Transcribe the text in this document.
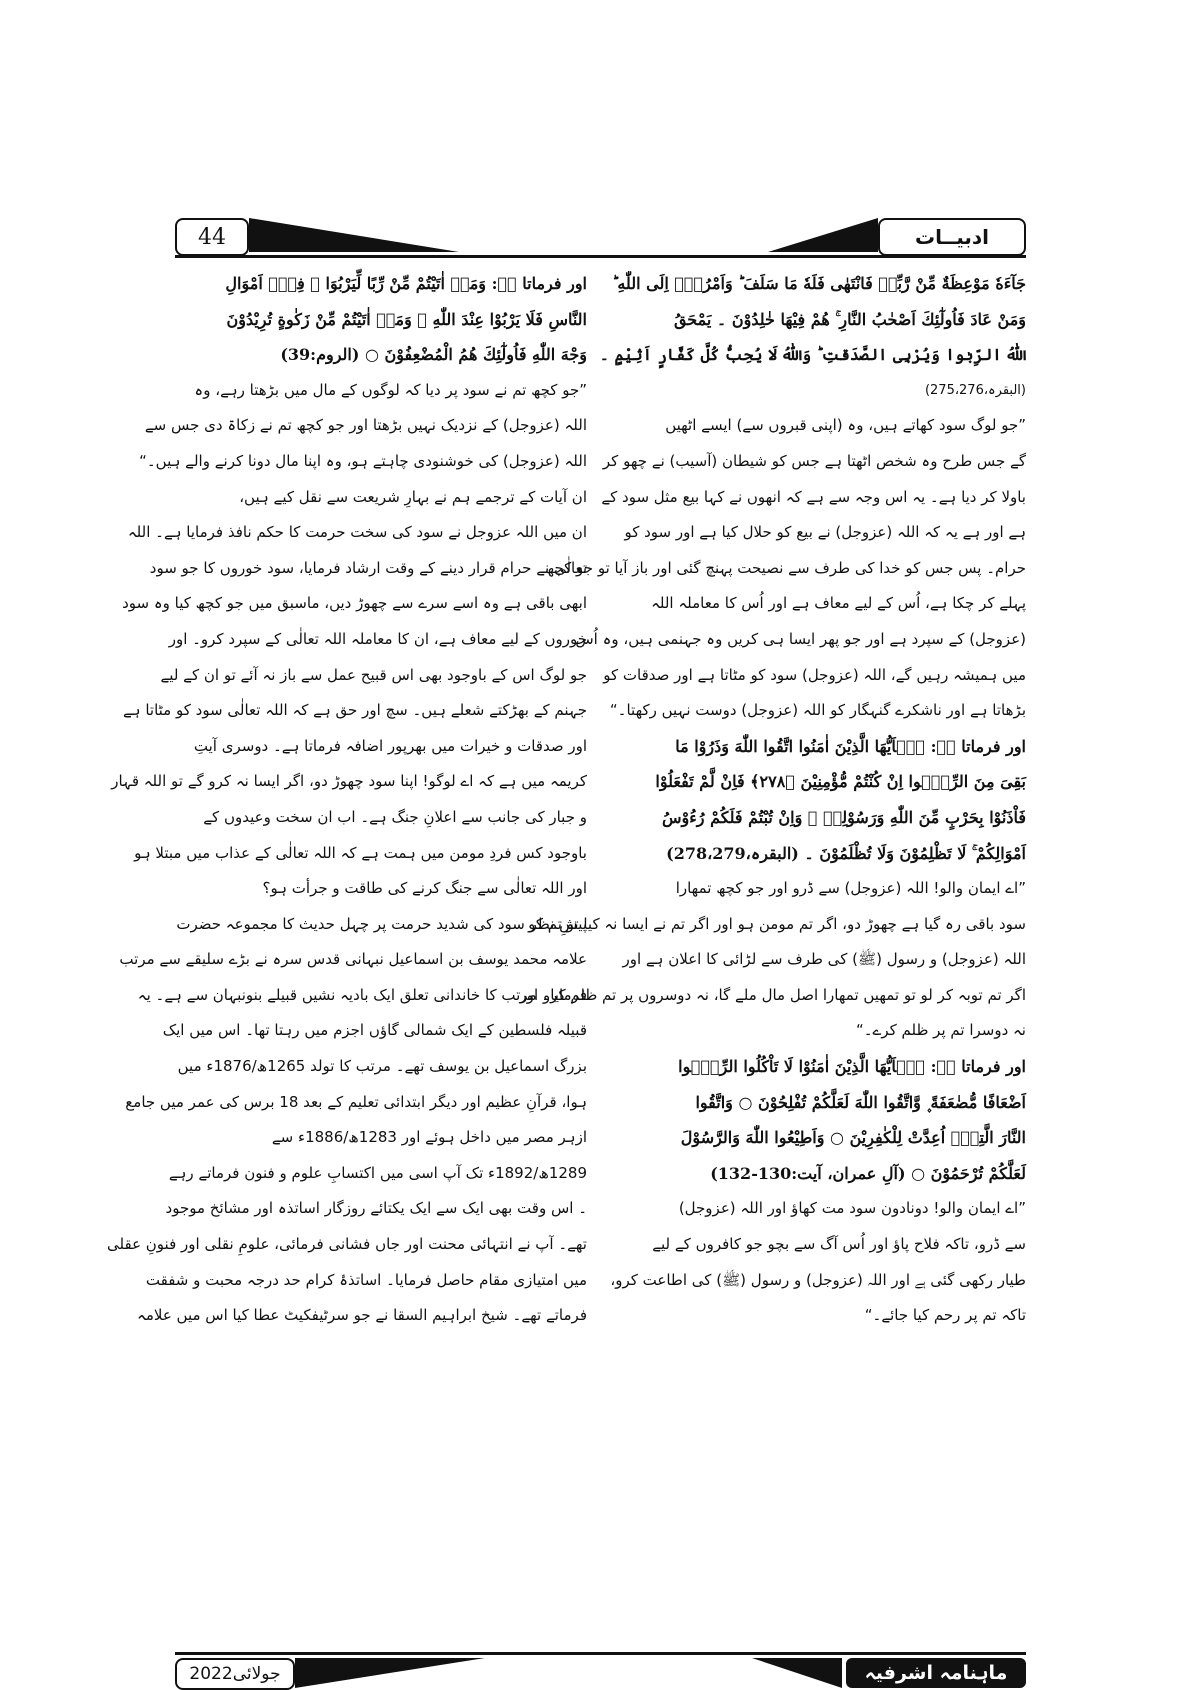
44	ادبیــات
جَآءَهٗ مَوْعِظَةٌ مِّنْ رَّبِّهٖ فَانْتَهٰى فَلَهٗ مَا سَلَفَ ؕ وَاَمْرُهٗۤ اِلَى اللّٰهِ ؕ
وَمَنْ عَادَ فَاُولٰٓئِكَ اَصْحٰبُ النَّارِ ۚ هُمْ فِيْهَا خٰلِدُوْنَ ۔ يَمْحَقُ
اللّٰهُ الرِّبٰوا وَيُرْبِى الصَّدَقٰتِ ؕ وَاللّٰهُ لَا يُحِبُّ كُلَّ كَفَّارٍ اَثِيْمٍ ۔
(البقرہ،275،276)
”جو لوگ سود کھاتے ہیں، وہ (اپنی قبروں سے) ایسے اٹھیں
گے جس طرح وہ شخص اٹھتا ہے جس کو شیطان (آسیب) نے چھو کر
باولا کر دیا ہے۔ یہ اس وجہ سے ہے کہ انھوں نے کہا بیع مثل سود کے
ہے اور ہے یہ کہ اللہ (عزوجل) نے بیع کو حلال کیا ہے اور سود کو
حرام۔ پس جس کو خدا کی طرف سے نصیحت پہنچ گئی اور باز آیا تو جو کچھ
پہلے کر چکا ہے، اُس کے لیے معاف ہے اور اُس کا معاملہ اللہ
(عزوجل) کے سپرد ہے اور جو پھر ایسا ہی کریں وہ جہنمی ہیں، وہ اُس
میں ہمیشہ رہیں گے، اللہ (عزوجل) سود کو مٹاتا ہے اور صدقات کو
بڑھاتا ہے اور ناشکرے گنہگار کو اللہ (عزوجل) دوست نہیں رکھتا۔“
اور فرماتا ہے: يٰۤاَيُّهَا الَّذِيْنَ اٰمَنُوا اتَّقُوا اللّٰهَ وَذَرُوْا مَا
بَقِىَ مِنَ الرِّبٰۤوا اِنْ كُنْتُمْ مُّؤْمِنِيْنَ ﴿۲۷۸﴾ فَاِنْ لَّمْ تَفْعَلُوْا
فَاْذَنُوْا بِحَرْبٍ مِّنَ اللّٰهِ وَرَسُوْلِهٖ ۚ وَاِنْ تُبْتُمْ فَلَكُمْ رُءُوْسُ
اَمْوَالِكُمْ ۚ لَا تَظْلِمُوْنَ وَلَا تُظْلَمُوْنَ ۔ (البقرہ،278،279)
”اے ایمان والو! اللہ (عزوجل) سے ڈرو اور جو کچھ تمھارا
سود باقی رہ گیا ہے چھوڑ دو، اگر تم مومن ہو اور اگر تم نے ایسا نہ کیا تو تم کو
اللہ (عزوجل) و رسول (ﷺ) کی طرف سے لڑائی کا اعلان ہے اور
اگر تم توبہ کر لو تو تمھیں تمھارا اصل مال ملے گا، نہ دوسروں پر تم ظلم کرو اور
نہ دوسرا تم پر ظلم کرے۔“
اور فرماتا ہے: يٰۤاَيُّهَا الَّذِيْنَ اٰمَنُوْا لَا تَاْكُلُوا الرِّبٰۤوا
اَضْعَافًا مُّضٰعَفَةً ۪ وَّاتَّقُوا اللّٰهَ لَعَلَّكُمْ تُفْلِحُوْنَ ○ وَاتَّقُوا
النَّارَ الَّتِىْۤ اُعِدَّتْ لِلْكٰفِرِيْنَ ○ وَاَطِيْعُوا اللّٰهَ وَالرَّسُوْلَ
لَعَلَّكُمْ تُرْحَمُوْنَ ○ (آلِ عمران، آیت:130-132)
”اے ایمان والو! دونادون سود مت کھاؤ اور اللہ (عزوجل)
سے ڈرو، تاکہ فلاح پاؤ اور اُس آگ سے بچو جو کافروں کے لیے
طیار رکھی گئی ہے اور اللہ (عزوجل) و رسول (ﷺ) کی اطاعت کرو،
تاکہ تم پر رحم کیا جائے۔“
اور فرماتا ہے: وَمَاۤ اٰتَيْتُمْ مِّنْ رِّبًا لِّيَرْبُوَا ۠ فِىْۤ اَمْوَالِ
النَّاسِ فَلَا يَرْبُوْا عِنْدَ اللّٰهِ ۚ وَمَاۤ اٰتَيْتُمْ مِّنْ زَكٰوةٍ تُرِيْدُوْنَ
وَجْهَ اللّٰهِ فَاُولٰٓئِكَ هُمُ الْمُضْعِفُوْنَ ○ (الروم:39)
”جو کچھ تم نے سود پر دیا کہ لوگوں کے مال میں بڑھتا رہے، وہ
اللہ (عزوجل) کے نزدیک نہیں بڑھتا اور جو کچھ تم نے زکاۃ دی جس سے
اللہ (عزوجل) کی خوشنودی چاہتے ہو، وہ اپنا مال دونا کرنے والے ہیں۔“
ان آیات کے ترجمے ہم نے بہارِ شریعت سے نقل کیے ہیں،
ان میں اللہ عزوجل نے سود کی سخت حرمت کا حکم نافذ فرمایا ہے۔ اللہ
تعالٰی نے حرام قرار دینے کے وقت ارشاد فرمایا، سود خوروں کا جو سود
ابھی باقی ہے وہ اسے سرے سے چھوڑ دیں، ماسبق میں جو کچھ کیا وہ سود
خوروں کے لیے معاف ہے، ان کا معاملہ اللہ تعالٰی کے سپرد کرو۔ اور
جو لوگ اس کے باوجود بھی اس قبیح عمل سے باز نہ آئے تو ان کے لیے
جہنم کے بھڑکتے شعلے ہیں۔ سچ اور حق ہے کہ اللہ تعالٰی سود کو مٹاتا ہے
اور صدقات و خیرات میں بھرپور اضافہ فرماتا ہے۔ دوسری آیتِ
کریمہ میں ہے کہ اے لوگو! اپنا سود چھوڑ دو، اگر ایسا نہ کرو گے تو اللہ قہار
و جبار کی جانب سے اعلانِ جنگ ہے۔ اب ان سخت وعیدوں کے
باوجود کس فردِ مومن میں ہمت ہے کہ اللہ تعالٰی کے عذاب میں مبتلا ہو
اور اللہ تعالٰی سے جنگ کرنے کی طاقت و جرأت ہو؟
پیشِ نظر سود کی شدید حرمت پر چہل حدیث کا مجموعہ حضرت
علامہ محمد یوسف بن اسماعیل نبہانی قدس سرہ نے بڑے سلیقے سے مرتب
فرمایا۔ مرتب کا خاندانی تعلق ایک بادیہ نشیں قبیلے بنونبہان سے ہے۔ یہ
قبیلہ فلسطین کے ایک شمالی گاؤں اجزم میں رہتا تھا۔ اس میں ایک
بزرگ اسماعیل بن یوسف تھے۔ مرتب کا تولد 1265ھ/1876ء میں
ہوا، قرآنِ عظیم اور دیگر ابتدائی تعلیم کے بعد 18 برس کی عمر میں جامع
ازہر مصر میں داخل ہوئے اور 1283ھ/1886ء سے
1289ھ/1892ء تک آپ اسی میں اکتسابِ علوم و فنون فرماتے رہے
۔ اس وقت بھی ایک سے ایک یکتائے روزگار اساتذہ اور مشائخ موجود
تھے۔ آپ نے انتہائی محنت اور جاں فشانی فرمائی، علومِ نقلی اور فنونِ عقلی
میں امتیازی مقام حاصل فرمایا۔ اساتذۂ کرام حد درجہ محبت و شفقت
فرماتے تھے۔ شیخ ابراہیم السقا نے جو سرٹیفکیٹ عطا کیا اس میں علامہ
جولائی2022	ماہنامہ اشرفیہ
